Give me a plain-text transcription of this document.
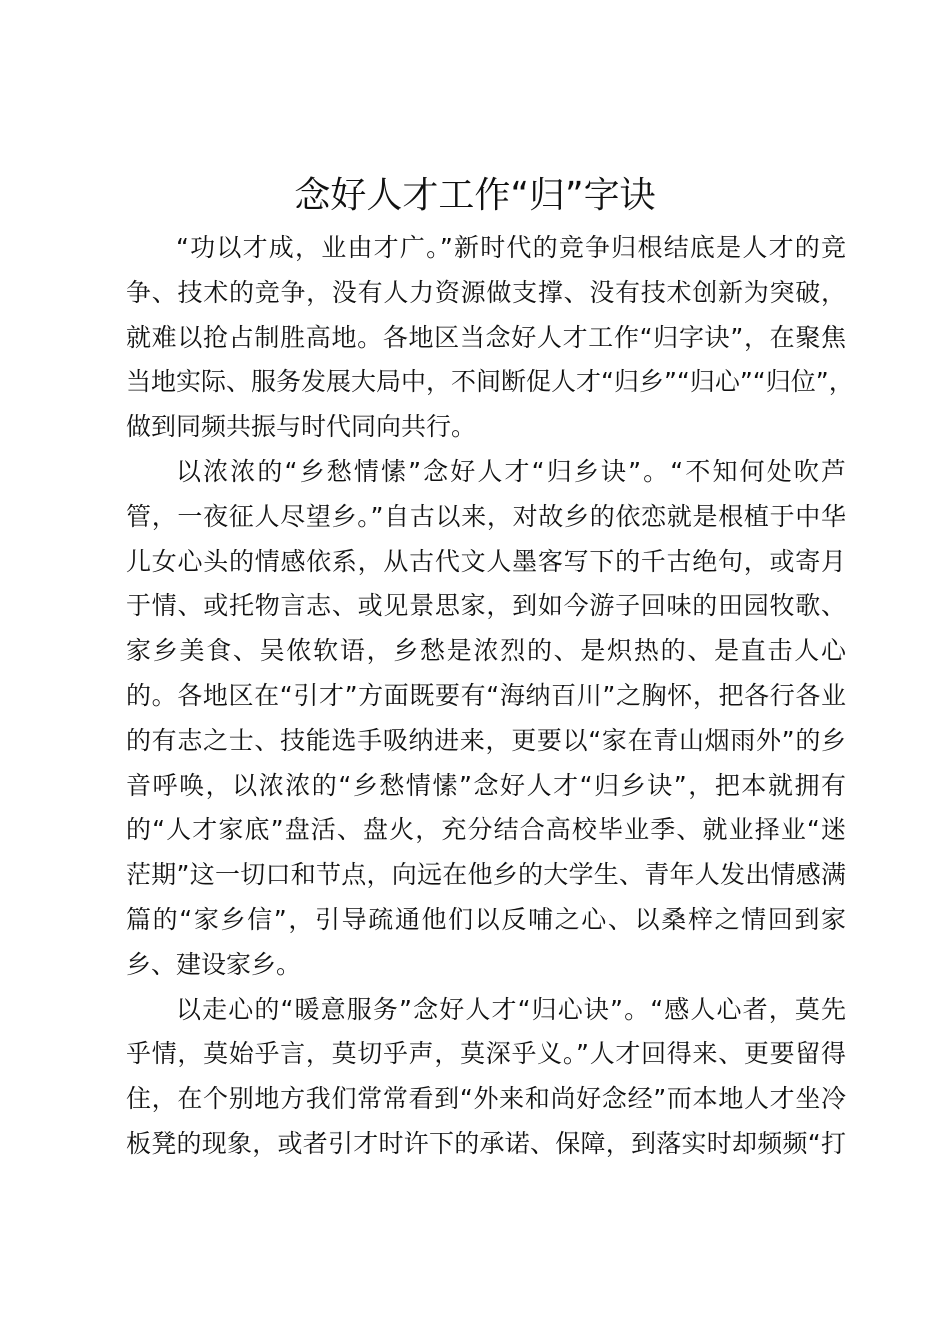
念好人才工作“归”字诀
“功以才成，业由才广。”新时代的竞争归根结底是人才的竞
争、技术的竞争，没有人力资源做支撑、没有技术创新为突破，
就难以抢占制胜高地。各地区当念好人才工作“归字诀”，在聚焦
当地实际、服务发展大局中，不间断促人才“归乡”“归心”“归位”，
做到同频共振与时代同向共行。
以浓浓的“乡愁情愫”念好人才“归乡诀”。“不知何处吹芦
管，一夜征人尽望乡。”自古以来，对故乡的依恋就是根植于中华
儿女心头的情感依系，从古代文人墨客写下的千古绝句，或寄月
于情、或托物言志、或见景思家，到如今游子回味的田园牧歌、
家乡美食、吴侬软语，乡愁是浓烈的、是炽热的、是直击人心
的。各地区在“引才”方面既要有“海纳百川”之胸怀，把各行各业
的有志之士、技能选手吸纳进来，更要以“家在青山烟雨外”的乡
音呼唤，以浓浓的“乡愁情愫”念好人才“归乡诀”，把本就拥有
的“人才家底”盘活、盘火，充分结合高校毕业季、就业择业“迷
茫期”这一切口和节点，向远在他乡的大学生、青年人发出情感满
篇的“家乡信”，引导疏通他们以反哺之心、以桑梓之情回到家
乡、建设家乡。
以走心的“暖意服务”念好人才“归心诀”。“感人心者，莫先
乎情，莫始乎言，莫切乎声，莫深乎义。”人才回得来、更要留得
住，在个别地方我们常常看到“外来和尚好念经”而本地人才坐冷
板凳的现象，或者引才时许下的承诺、保障，到落实时却频频“打
